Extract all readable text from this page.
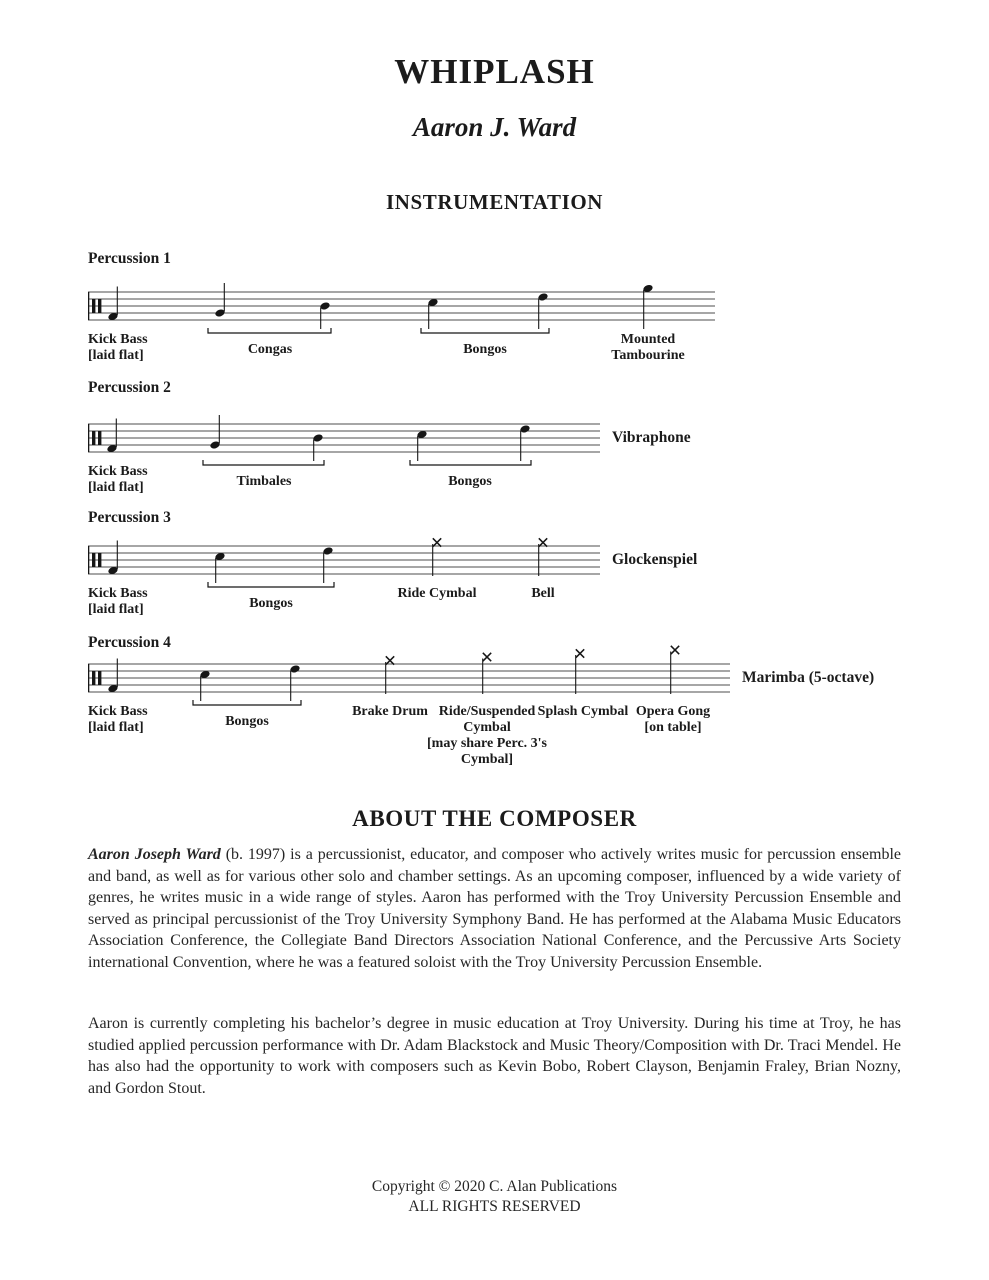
WHIPLASH
Aaron J. Ward
INSTRUMENTATION
Percussion 1
Kick Bass
[laid flat]	Congas	Bongos
Mounted
Tambourine
Percussion 2
Kick Bass
[laid flat]	Timbales	Bongos
Vibraphone
Percussion 3
Kick Bass
[laid flat]	Bongos
Ride Cymbal	Bell
Glockenspiel
Percussion 4
Kick Bass
[laid flat]	Bongos
Brake Drum Ride/Suspended
Cymbal
[may share Perc. 3's
Cymbal]
Splash Cymbal Opera Gong
[on table]
Marimba (5-octave)
ABOUT THE COMPOSER

Aaron Joseph Ward (b. 1997) is a percussionist, educator, and composer who actively writes music for percussion ensemble and band, as well as for various other solo and chamber settings. As an upcoming composer, influenced by a wide variety of genres, he writes music in a wide range of styles. Aaron has performed with the Troy University Percussion Ensemble and served as principal percussionist of the Troy University Symphony Band. He has performed at the Alabama Music Educators Association Conference, the Collegiate Band Directors Association National Conference, and the Percussive Arts Society international Convention, where he was a featured soloist with the Troy University Percussion Ensemble.

Aaron is currently completing his bachelor’s degree in music education at Troy University. During his time at Troy, he has studied applied percussion performance with Dr. Adam Blackstock and Music Theory/Composition with Dr. Traci Mendel. He has also had the opportunity to work with composers such as Kevin Bobo, Robert Clayson, Benjamin Fraley, Brian Nozny, and Gordon Stout.

Copyright © 2020 C. Alan Publications
ALL RIGHTS RESERVED
